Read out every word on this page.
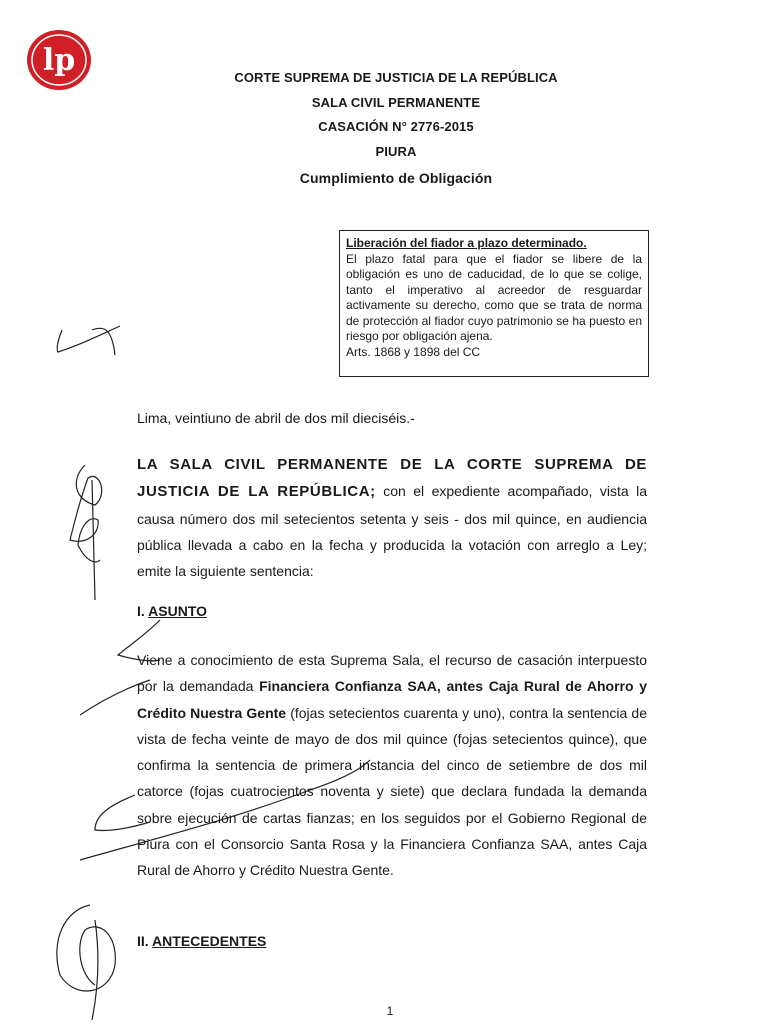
lp	CORTE SUPREMA DE JUSTICIA DE LA REPÚBLICA
SALA CIVIL PERMANENTE
CASACIÓN N° 2776-2015
PIURA
Cumplimiento de Obligación
Liberación del fiador a plazo determinado.
El plazo fatal para que el fiador se libere de la obligación es uno de caducidad, de lo que se colige, tanto el imperativo al acreedor de resguardar activamente su derecho, como que se trata de norma de protección al fiador cuyo patrimonio se ha puesto en riesgo por obligación ajena.
Arts. 1868 y 1898 del CC
Lima, veintiuno de abril de dos mil dieciséis.-
LA SALA CIVIL PERMANENTE DE LA CORTE SUPREMA DE JUSTICIA DE LA REPÚBLICA; con el expediente acompañado, vista la causa número dos mil setecientos setenta y seis - dos mil quince, en audiencia pública llevada a cabo en la fecha y producida la votación con arreglo a Ley; emite la siguiente sentencia:
I. ASUNTO
Viene a conocimiento de esta Suprema Sala, el recurso de casación interpuesto por la demandada Financiera Confianza SAA, antes Caja Rural de Ahorro y Crédito Nuestra Gente (fojas setecientos cuarenta y uno), contra la sentencia de vista de fecha veinte de mayo de dos mil quince (fojas setecientos quince), que confirma la sentencia de primera instancia del cinco de setiembre de dos mil catorce (fojas cuatrocientos noventa y siete) que declara fundada la demanda sobre ejecución de cartas fianzas; en los seguidos por el Gobierno Regional de Piura con el Consorcio Santa Rosa y la Financiera Confianza SAA, antes Caja Rural de Ahorro y Crédito Nuestra Gente.
II. ANTECEDENTES
1
